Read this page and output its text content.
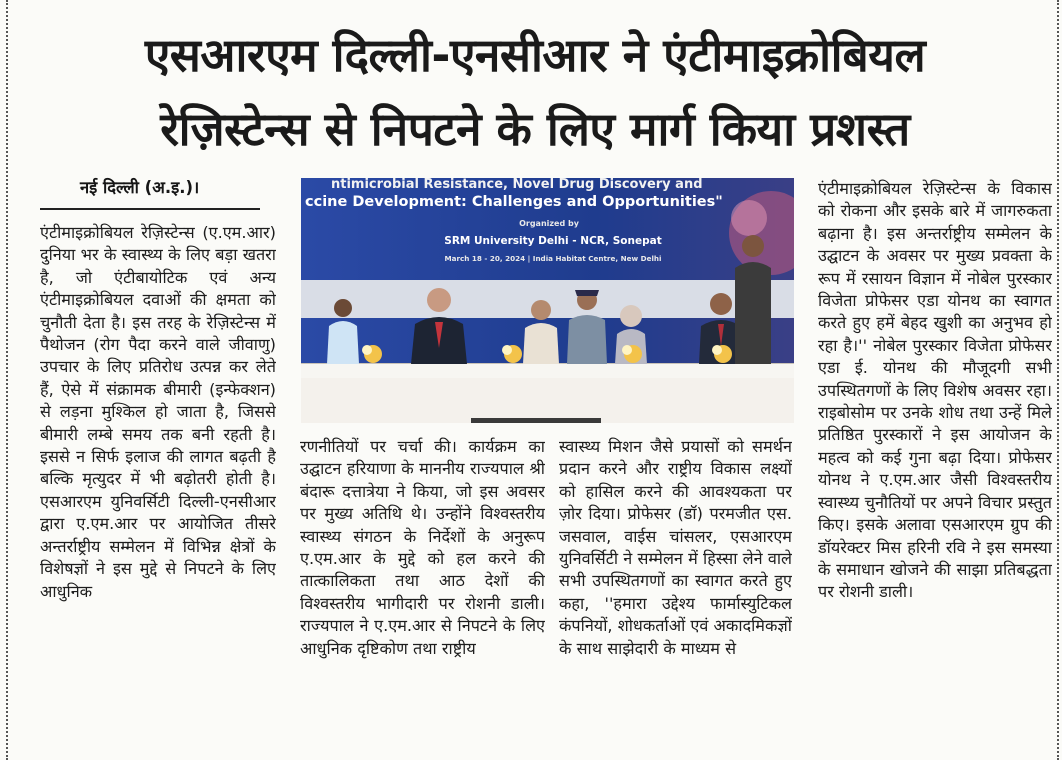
एसआरएम दिल्ली-एनसीआर ने एंटीमाइक्रोबियल
रेज़िस्टेन्स से निपटने के लिए मार्ग किया प्रशस्त
नई दिल्ली (अ.इ.)।

एंटीमाइक्रोबियल रेज़िस्टेन्स (ए.एम.आर) दुनिया भर के स्वास्थ्य के लिए बड़ा खतरा है, जो एंटीबायोटिक एवं अन्य एंटीमाइक्रोबियल दवाओं की क्षमता को चुनौती देता है। इस तरह के रेज़िस्टेन्स में पैथोजन (रोग पैदा करने वाले जीवाणु) उपचार के लिए प्रतिरोध उत्पन्न कर लेते हैं, ऐसे में संक्रामक बीमारी (इन्फेक्शन) से लड़ना मुश्किल हो जाता है, जिससे बीमारी लम्बे समय तक बनी रहती है। इससे न सिर्फ इलाज की लागत बढ़ती है बल्कि मृत्युदर में भी बढ़ोतरी होती है। एसआरएम युनिवर्सिटी दिल्ली-एनसीआर द्वारा ए.एम.आर पर आयोजित तीसरे अन्तर्राष्ट्रीय सम्मेलन में विभिन्न क्षेत्रों के विशेषज्ञों ने इस मुद्दे से निपटने के लिए आधुनिक

ntimicrobial Resistance, Novel Drug Discovery and
ccine Development: Challenges and Opportunities"
Organized by
SRM University Delhi - NCR, Sonepat
March 18 - 20, 2024 | India Habitat Centre, New Delhi

रणनीतियों पर चर्चा की। कार्यक्रम का उद्घाटन हरियाणा के माननीय राज्यपाल श्री बंदारू दत्तात्रेया ने किया, जो इस अवसर पर मुख्य अतिथि थे। उन्होंने विश्वस्तरीय स्वास्थ्य संगठन के निर्देशों के अनुरूप ए.एम.आर के मुद्दे को हल करने की तात्कालिकता तथा आठ देशों की विश्वस्तरीय भागीदारी पर रोशनी डाली। राज्यपाल ने ए.एम.आर से निपटने के लिए आधुनिक दृष्टिकोण तथा राष्ट्रीय

स्वास्थ्य मिशन जैसे प्रयासों को समर्थन प्रदान करने और राष्ट्रीय विकास लक्ष्यों को हासिल करने की आवश्यकता पर ज़ोर दिया। प्रोफेसर (डॉ) परमजीत एस. जसवाल, वाईस चांसलर, एसआरएम युनिवर्सिटी ने सम्मेलन में हिस्सा लेने वाले सभी उपस्थितगणों का स्वागत करते हुए कहा, ''हमारा उद्देश्य फार्मास्युटिकल कंपनियों, शोधकर्ताओं एवं अकादमिकज्ञों के साथ साझेदारी के माध्यम से

एंटीमाइक्रोबियल रेज़िस्टेन्स के विकास को रोकना और इसके बारे में जागरुकता बढ़ाना है। इस अन्तर्राष्ट्रीय सम्मेलन के उद्घाटन के अवसर पर मुख्य प्रवक्ता के रूप में रसायन विज्ञान में नोबेल पुरस्कार विजेता प्रोफेसर एडा योनथ का स्वागत करते हुए हमें बेहद खुशी का अनुभव हो रहा है।'' नोबेल पुरस्कार विजेता प्रोफेसर एडा ई. योनथ की मौजूदगी सभी उपस्थितगणों के लिए विशेष अवसर रहा। राइबोसोम पर उनके शोध तथा उन्हें मिले प्रतिष्ठित पुरस्कारों ने इस आयोजन के महत्व को कई गुना बढ़ा दिया। प्रोफेसर योनथ ने ए.एम.आर जैसी विश्वस्तरीय स्वास्थ्य चुनौतियों पर अपने विचार प्रस्तुत किए। इसके अलावा एसआरएम ग्रुप की डॉयरेक्टर मिस हरिनी रवि ने इस समस्या के समाधान खोजने की साझा प्रतिबद्धता पर रोशनी डाली।
